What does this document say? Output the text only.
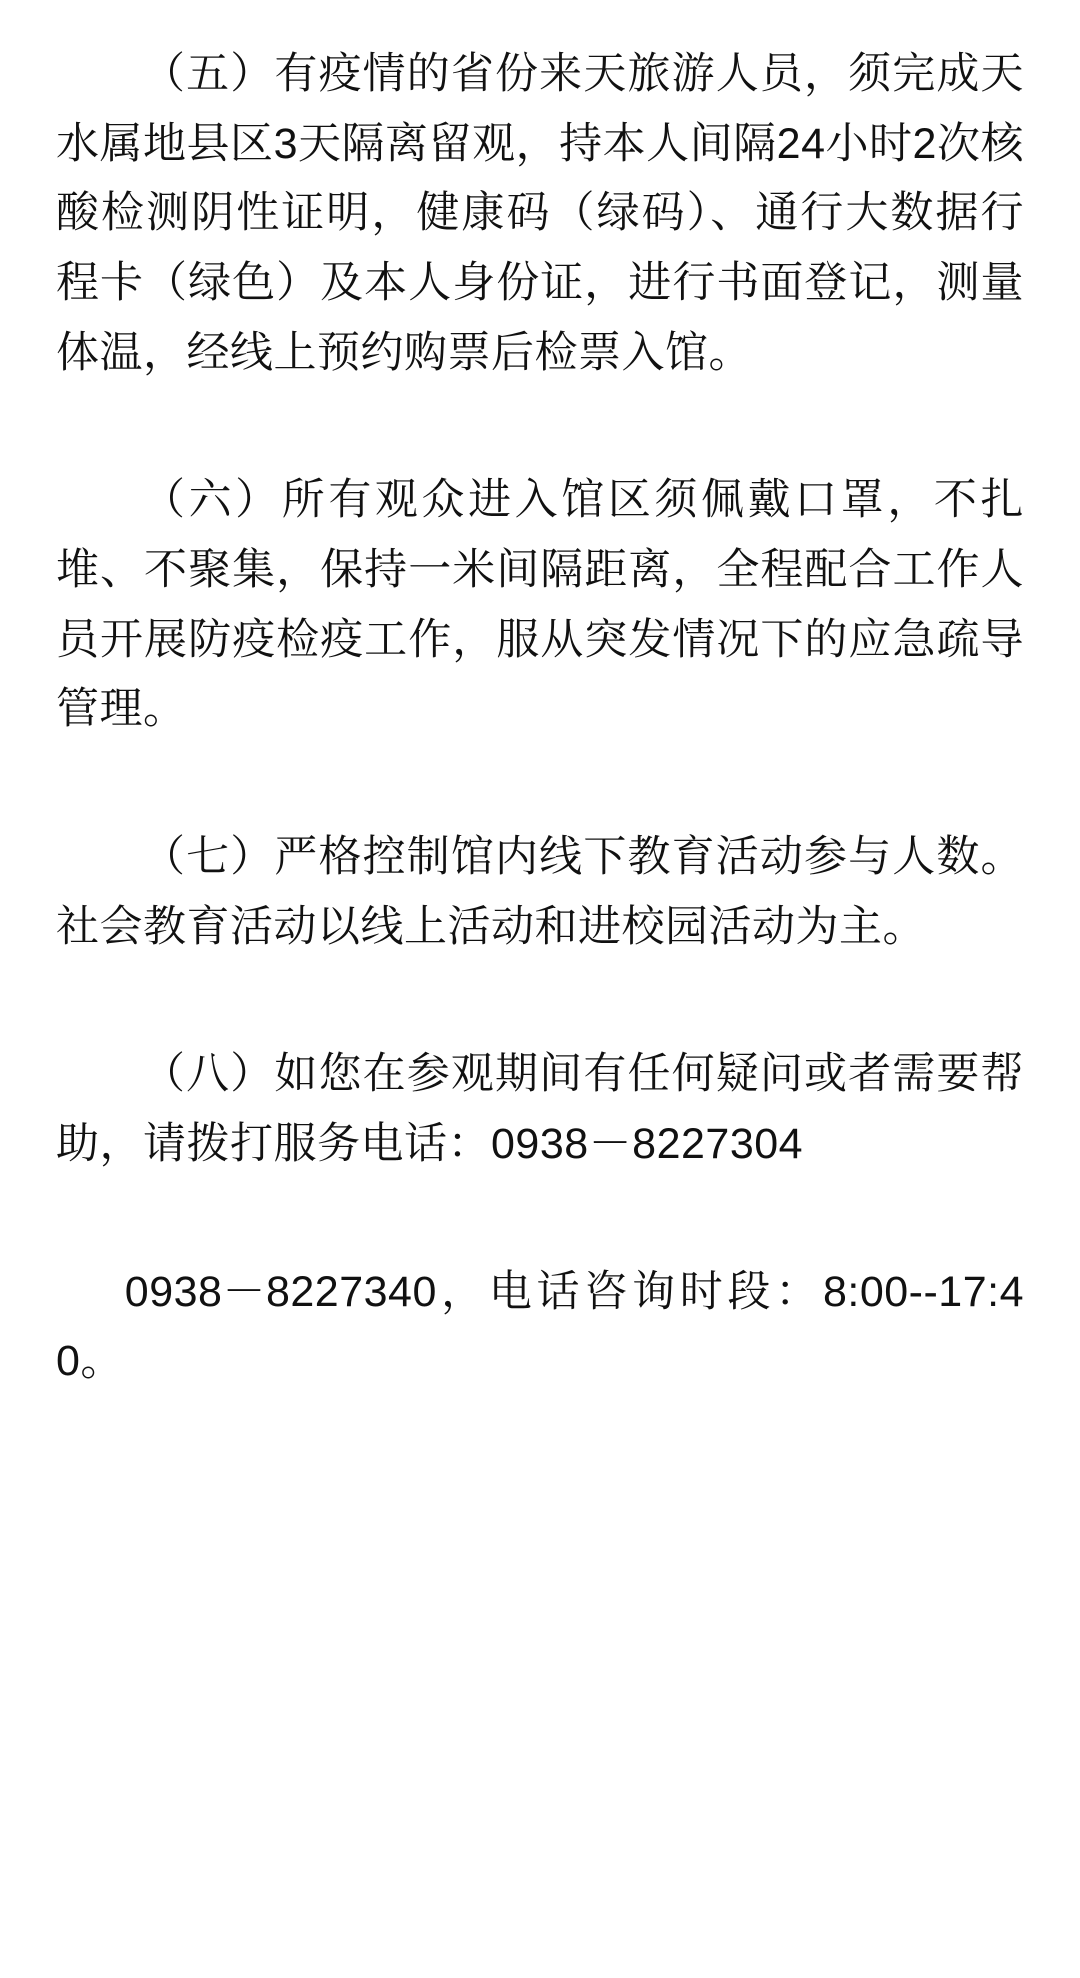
（五）有疫情的省份来天旅游人员，须完成天水属地县区3天隔离留观，持本人间隔24小时2次核酸检测阴性证明，健康码（绿码）、通行大数据行程卡（绿色）及本人身份证，进行书面登记，测量体温，经线上预约购票后检票入馆。

（六）所有观众进入馆区须佩戴口罩，不扎堆、不聚集，保持一米间隔距离，全程配合工作人员开展防疫检疫工作，服从突发情况下的应急疏导管理。

（七）严格控制馆内线下教育活动参与人数。社会教育活动以线上活动和进校园活动为主。

（八）如您在参观期间有任何疑问或者需要帮助，请拨打服务电话：0938－8227304

0938－8227340，电话咨询时段：8:00--17:40。
